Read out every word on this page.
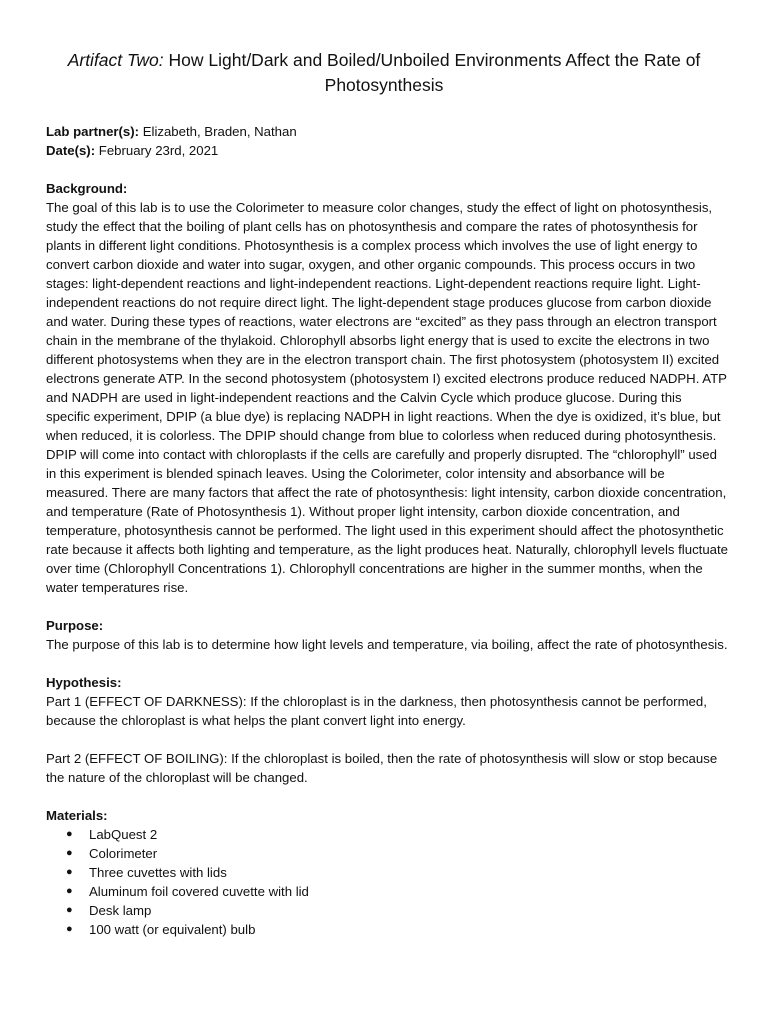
Artifact Two: How Light/Dark and Boiled/Unboiled Environments Affect the Rate of Photosynthesis

Lab partner(s): Elizabeth, Braden, Nathan

Date(s): February 23rd, 2021

Background:

The goal of this lab is to use the Colorimeter to measure color changes, study the effect of light on photosynthesis, study the effect that the boiling of plant cells has on photosynthesis and compare the rates of photosynthesis for plants in different light conditions. Photosynthesis is a complex process which involves the use of light energy to convert carbon dioxide and water into sugar, oxygen, and other organic compounds. This process occurs in two stages: light-dependent reactions and light-independent reactions. Light-dependent reactions require light. Light-independent reactions do not require direct light. The light-dependent stage produces glucose from carbon dioxide and water. During these types of reactions, water electrons are “excited” as they pass through an electron transport chain in the membrane of the thylakoid. Chlorophyll absorbs light energy that is used to excite the electrons in two different photosystems when they are in the electron transport chain. The first photosystem (photosystem II) excited electrons generate ATP. In the second photosystem (photosystem I) excited electrons produce reduced NADPH. ATP and NADPH are used in light-independent reactions and the Calvin Cycle which produce glucose. During this specific experiment, DPIP (a blue dye) is replacing NADPH in light reactions. When the dye is oxidized, it’s blue, but when reduced, it is colorless. The DPIP should change from blue to colorless when reduced during photosynthesis. DPIP will come into contact with chloroplasts if the cells are carefully and properly disrupted. The “chlorophyll” used in this experiment is blended spinach leaves. Using the Colorimeter, color intensity and absorbance will be measured. There are many factors that affect the rate of photosynthesis: light intensity, carbon dioxide concentration, and temperature (Rate of Photosynthesis 1). Without proper light intensity, carbon dioxide concentration, and temperature, photosynthesis cannot be performed. The light used in this experiment should affect the photosynthetic rate because it affects both lighting and temperature, as the light produces heat. Naturally, chlorophyll levels fluctuate over time (Chlorophyll Concentrations 1). Chlorophyll concentrations are higher in the summer months, when the water temperatures rise.

Purpose:

The purpose of this lab is to determine how light levels and temperature, via boiling, affect the rate of photosynthesis.

Hypothesis:

Part 1 (EFFECT OF DARKNESS): If the chloroplast is in the darkness, then photosynthesis cannot be performed, because the chloroplast is what helps the plant convert light into energy.

Part 2 (EFFECT OF BOILING): If the chloroplast is boiled, then the rate of photosynthesis will slow or stop because the nature of the chloroplast will be changed.

Materials:

● LabQuest 2
● Colorimeter
● Three cuvettes with lids
● Aluminum foil covered cuvette with lid
● Desk lamp
● 100 watt (or equivalent) bulb
